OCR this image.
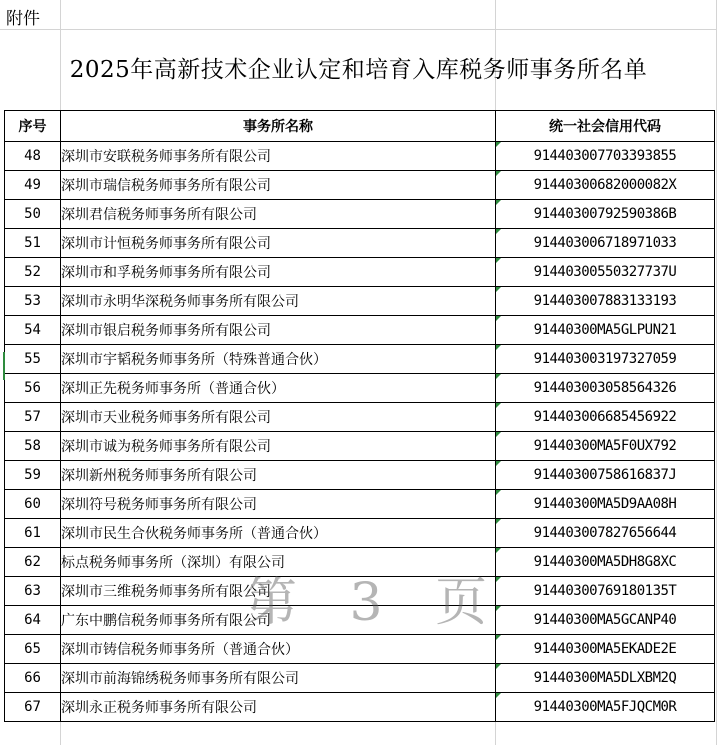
附件
2025年高新技术企业认定和培育入库税务师事务所名单
序号	事务所名称	统一社会信用代码
48	深圳市安联税务师事务所有限公司	914403007703393855
49	深圳市瑞信税务师事务所有限公司	91440300682000082X
50	深圳君信税务师事务所有限公司	91440300792590386B
51	深圳市计恒税务师事务所有限公司	914403006718971033
52	深圳市和孚税务师事务所有限公司	91440300550327737U
53	深圳市永明华深税务师事务所有限公司	914403007883133193
54	深圳市银启税务师事务所有限公司	91440300MA5GLPUN21
55	深圳市宇韬税务师事务所（特殊普通合伙）	914403003197327059
56	深圳正先税务师事务所（普通合伙）	914403003058564326
57	深圳市天业税务师事务所有限公司	914403006685456922
58	深圳市诚为税务师事务所有限公司	91440300MA5F0UX792
59	深圳新州税务师事务所有限公司	91440300758616837J
60	深圳符号税务师事务所有限公司	91440300MA5D9AA08H
61	深圳市民生合伙税务师事务所（普通合伙）	914403007827656644
62	标点税务师事务所（深圳）有限公司	91440300MA5DH8G8XC
63	深圳市三维税务师事务所有限公司	91440300769180135T
64	广东中鹏信税务师事务所有限公司	91440300MA5GCANP40
65	深圳市铸信税务师事务所（普通合伙）	91440300MA5EKADE2E
66	深圳市前海锦绣税务师事务所有限公司	91440300MA5DLXBM2Q
67	深圳永正税务师事务所有限公司	91440300MA5FJQCM0R
第 3 页
